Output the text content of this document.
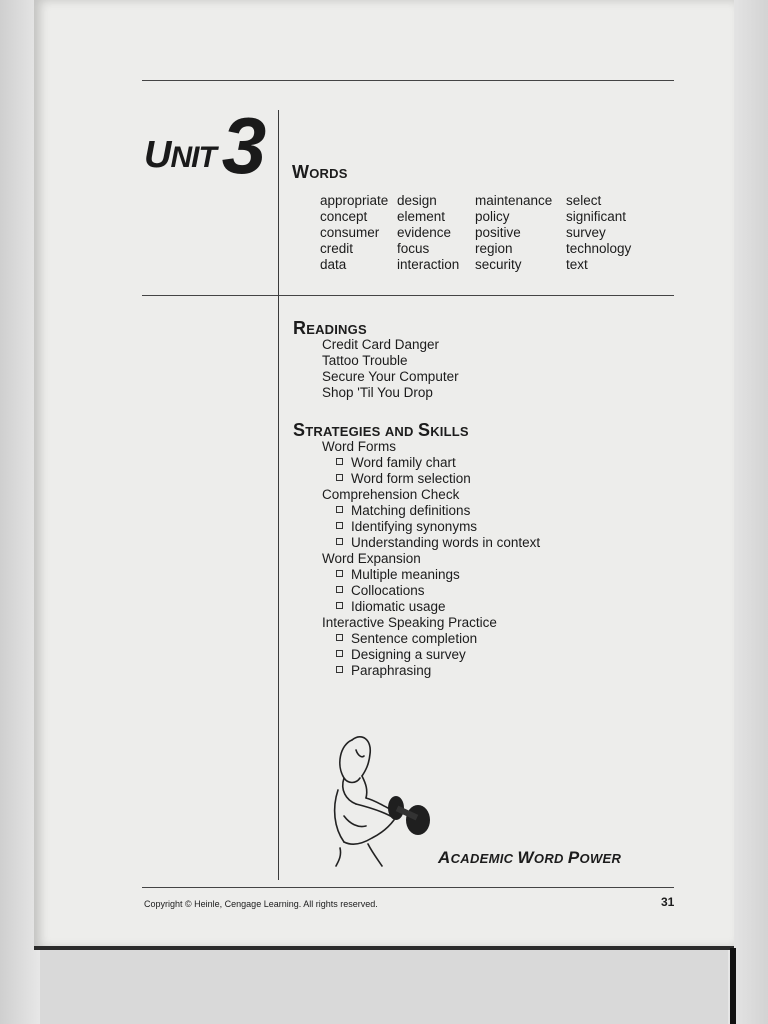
UNIT3 WORDS
appropriate
concept
consumer
credit
data
design
element
evidence
focus
interaction
maintenance
policy
positive
region
security
select
significant
survey
technology
text
READINGS
Credit Card Danger
Tattoo Trouble
Secure Your Computer
Shop 'Til You Drop
STRATEGIES AND SKILLS
Word Forms
Word family chart
Word form selection
Comprehension Check
Matching definitions
Identifying synonyms
Understanding words in context
Word Expansion
Multiple meanings
Collocations
Idiomatic usage
Interactive Speaking Practice
Sentence completion
Designing a survey
Paraphrasing
ACADEMIC WORD POWER
Copyright © Heinle, Cengage Learning. All rights reserved.	31
